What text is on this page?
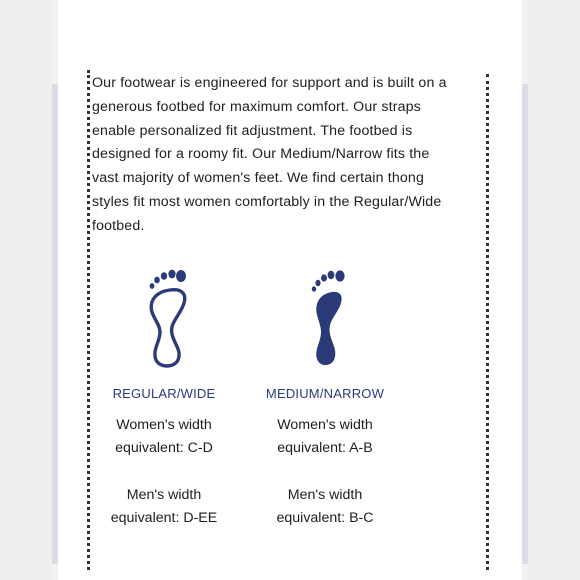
Our footwear is engineered for support and is built on a
generous footbed for maximum comfort. Our straps
enable personalized fit adjustment. The footbed is
designed for a roomy fit. Our Medium/Narrow fits the
vast majority of women's feet. We find certain thong
styles fit most women comfortably in the Regular/Wide
footbed.
REGULAR/WIDE
Women's width
equivalent: C-D
Men's width
equivalent: D-EE
MEDIUM/NARROW
Women's width
equivalent: A-B
Men's width
equivalent: B-C
